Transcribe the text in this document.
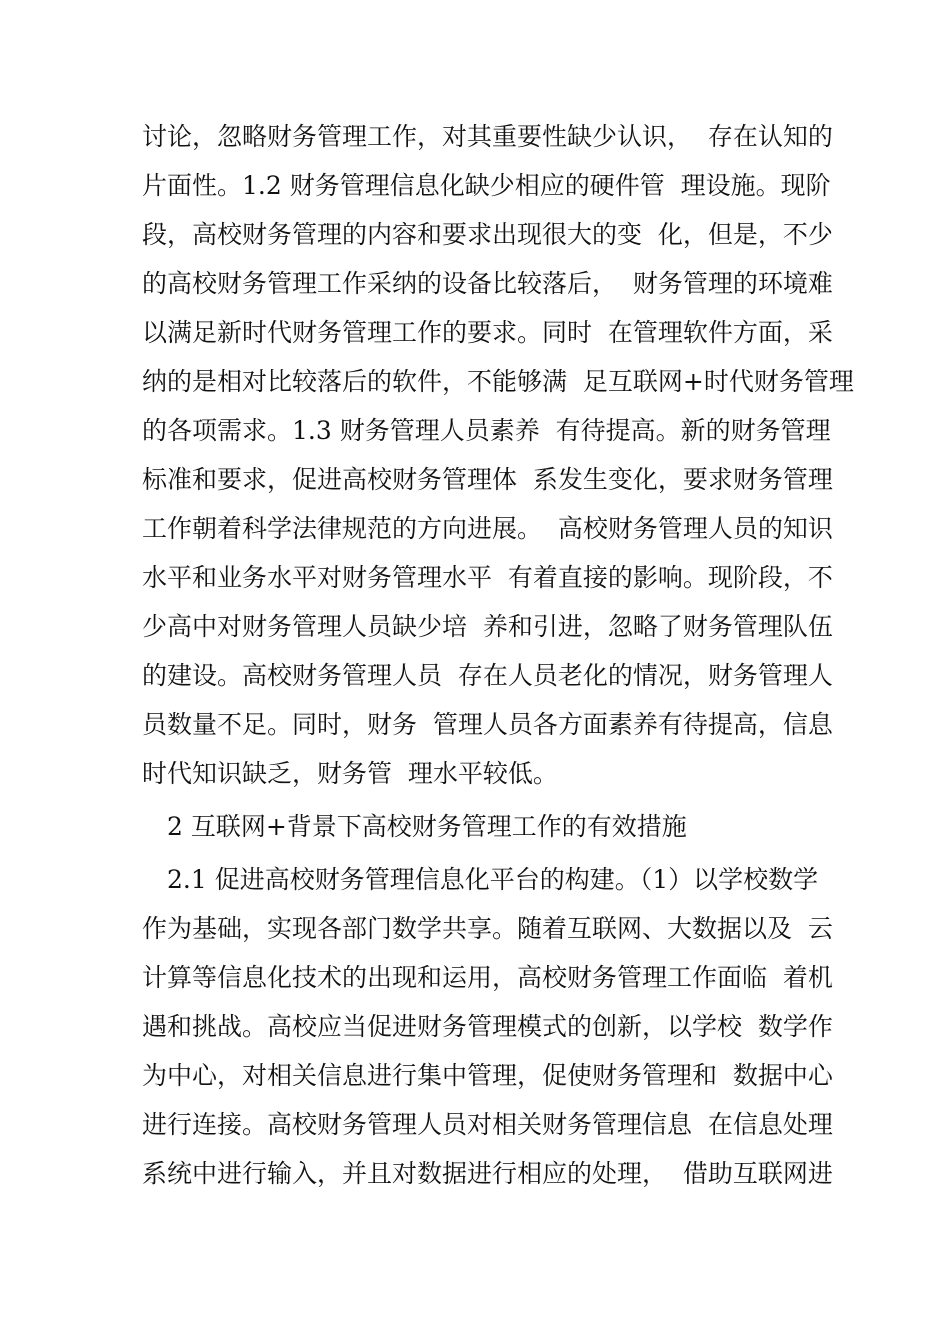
讨论，忽略财务管理工作，对其重要性缺少认识，  存在认知的
片面性。1.2 财务管理信息化缺少相应的硬件管  理设施。现阶
段，高校财务管理的内容和要求出现很大的变  化，但是，不少
的高校财务管理工作采纳的设备比较落后，  财务管理的环境难
以满足新时代财务管理工作的要求。同时  在管理软件方面，采
纳的是相对比较落后的软件，不能够满  足互联网+时代财务管理
的各项需求。1.3 财务管理人员素养  有待提高。新的财务管理
标准和要求，促进高校财务管理体  系发生变化，要求财务管理
工作朝着科学法律规范的方向进展。  高校财务管理人员的知识
水平和业务水平对财务管理水平  有着直接的影响。现阶段，不
少高中对财务管理人员缺少培  养和引进，忽略了财务管理队伍
的建设。高校财务管理人员  存在人员老化的情况，财务管理人
员数量不足。同时，财务  管理人员各方面素养有待提高，信息
时代知识缺乏，财务管  理水平较低。
2 互联网+背景下高校财务管理工作的有效措施
2.1 促进高校财务管理信息化平台的构建。（1）以学校数学
作为基础，实现各部门数学共享。随着互联网、大数据以及  云
计算等信息化技术的出现和运用，高校财务管理工作面临  着机
遇和挑战。高校应当促进财务管理模式的创新，以学校  数学作
为中心，对相关信息进行集中管理，促使财务管理和  数据中心
进行连接。高校财务管理人员对相关财务管理信息  在信息处理
系统中进行输入，并且对数据进行相应的处理，  借助互联网进
